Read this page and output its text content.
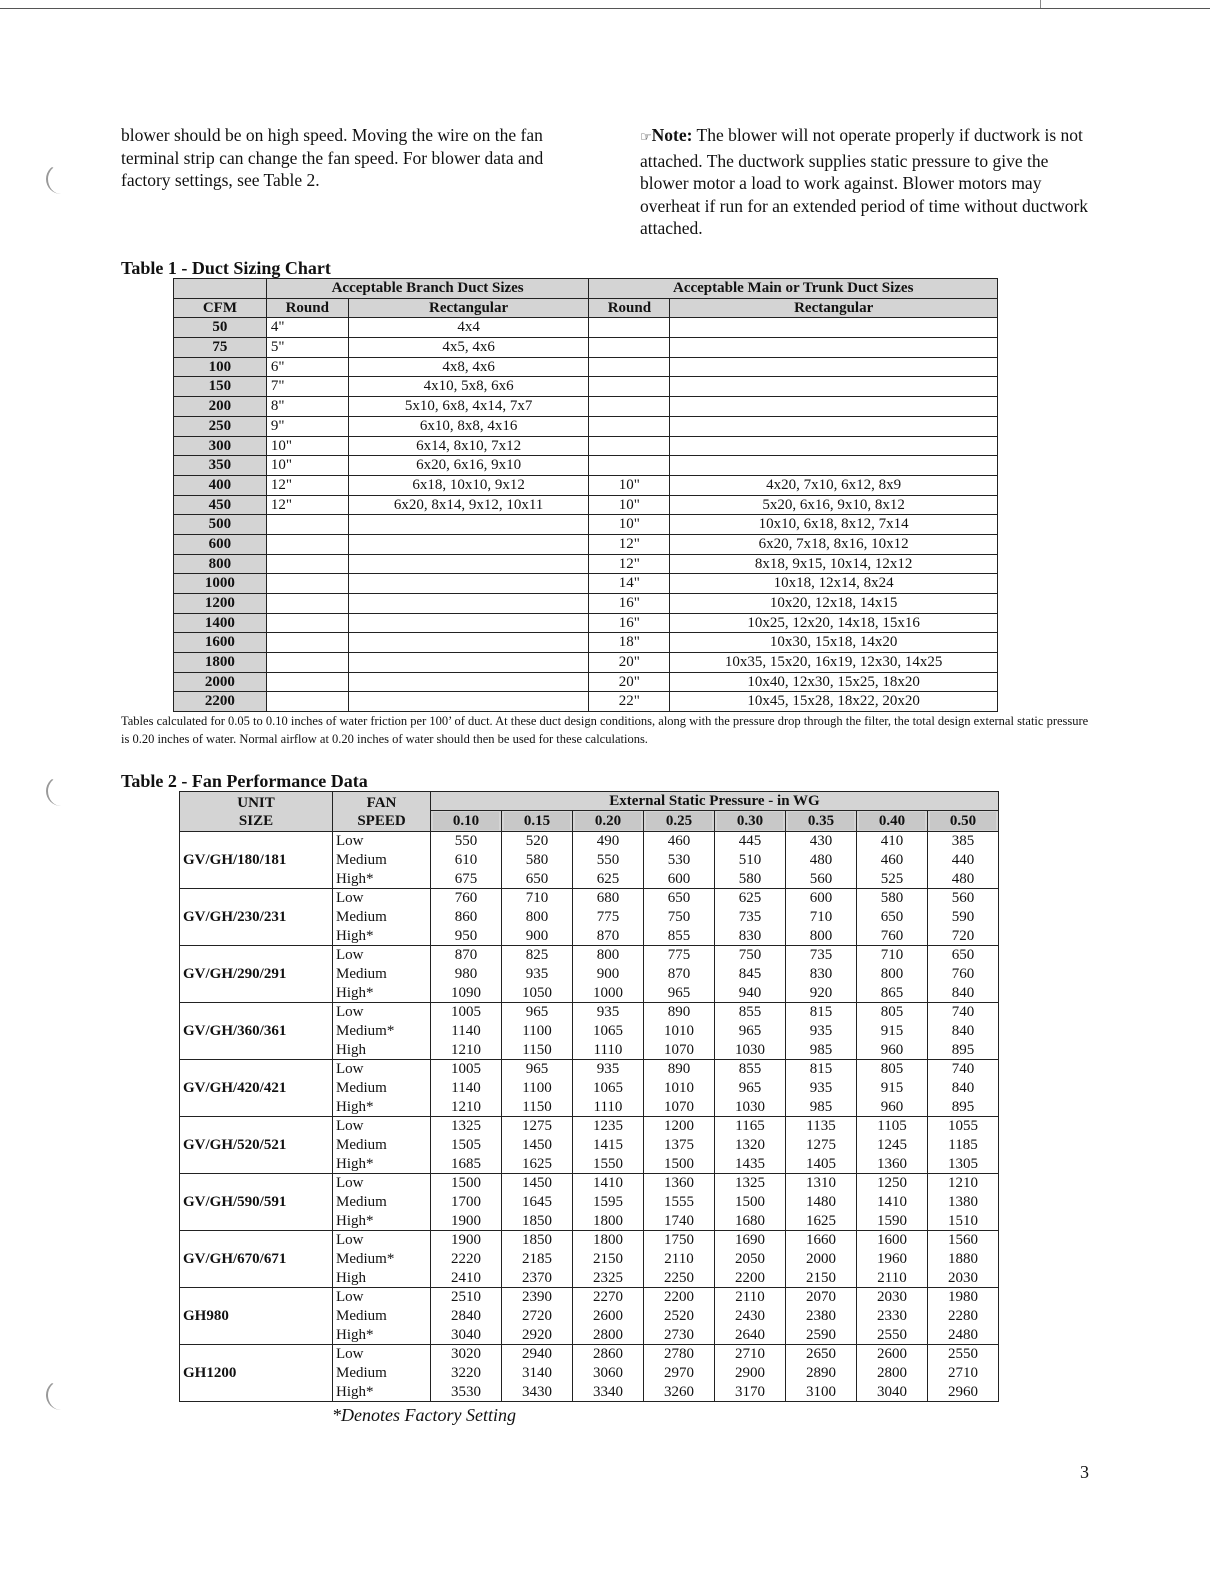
blower should be on high speed. Moving the wire on the fan terminal strip can change the fan speed. For blower data and factory settings, see Table 2.

☞Note: The blower will not operate properly if ductwork is not attached. The ductwork supplies static pressure to give the blower motor a load to work against. Blower motors may overheat if run for an extended period of time without ductwork attached.

Table 1 - Duct Sizing Chart
	Acceptable Branch Duct Sizes		Acceptable Main or Trunk Duct Sizes	
CFM	Round	Rectangular	Round	Rectangular
50	4"	4x4		
75	5"	4x5, 4x6		
100	6"	4x8, 4x6		
150	7"	4x10, 5x8, 6x6		
200	8"	5x10, 6x8, 4x14, 7x7		
250	9"	6x10, 8x8, 4x16		
300	10"	6x14, 8x10, 7x12		
350	10"	6x20, 6x16, 9x10		
400	12"	6x18, 10x10, 9x12	10"	4x20, 7x10, 6x12, 8x9
450	12"	6x20, 8x14, 9x12, 10x11	10"	5x20, 6x16, 9x10, 8x12
500			10"	10x10, 6x18, 8x12, 7x14
600			12"	6x20, 7x18, 8x16, 10x12
800			12"	8x18, 9x15, 10x14, 12x12
1000			14"	10x18, 12x14, 8x24
1200			16"	10x20, 12x18, 14x15
1400			16"	10x25, 12x20, 14x18, 15x16
1600			18"	10x30, 15x18, 14x20
1800			20"	10x35, 15x20, 16x19, 12x30, 14x25
2000			20"	10x40, 12x30, 15x25, 18x20
2200			22"	10x45, 15x28, 18x22, 20x20

Tables calculated for 0.05 to 0.10 inches of water friction per 100’ of duct. At these duct design conditions, along with the pressure drop through the filter, the total design external static pressure is 0.20 inches of water. Normal airflow at 0.20 inches of water should then be used for these calculations.

Table 2 - Fan Performance Data
UNIT
SIZE	FAN
SPEED	External Static Pressure - in WG							

		0.10	0.15	0.20	0.25	0.30	0.35	0.40	0.50

GV/GH/180/181	Low	550	520	490	460	445	430	410	385
	Medium	610	580	550	530	510	480	460	440
	High*	675	650	625	600	580	560	525	480
GV/GH/230/231	Low	760	710	680	650	625	600	580	560
	Medium	860	800	775	750	735	710	650	590
	High*	950	900	870	855	830	800	760	720
GV/GH/290/291	Low	870	825	800	775	750	735	710	650
	Medium	980	935	900	870	845	830	800	760
	High*	1090	1050	1000	965	940	920	865	840
GV/GH/360/361	Low	1005	965	935	890	855	815	805	740
	Medium*	1140	1100	1065	1010	965	935	915	840
	High	1210	1150	1110	1070	1030	985	960	895
GV/GH/420/421	Low	1005	965	935	890	855	815	805	740
	Medium	1140	1100	1065	1010	965	935	915	840
	High*	1210	1150	1110	1070	1030	985	960	895
GV/GH/520/521	Low	1325	1275	1235	1200	1165	1135	1105	1055
	Medium	1505	1450	1415	1375	1320	1275	1245	1185
	High*	1685	1625	1550	1500	1435	1405	1360	1305
GV/GH/590/591	Low	1500	1450	1410	1360	1325	1310	1250	1210
	Medium	1700	1645	1595	1555	1500	1480	1410	1380
	High*	1900	1850	1800	1740	1680	1625	1590	1510
GV/GH/670/671	Low	1900	1850	1800	1750	1690	1660	1600	1560
	Medium*	2220	2185	2150	2110	2050	2000	1960	1880
	High	2410	2370	2325	2250	2200	2150	2110	2030
GH980	Low	2510	2390	2270	2200	2110	2070	2030	1980
	Medium	2840	2720	2600	2520	2430	2380	2330	2280
	High*	3040	2920	2800	2730	2640	2590	2550	2480
GH1200	Low	3020	2940	2860	2780	2710	2650	2600	2550
	Medium	3220	3140	3060	2970	2900	2890	2800	2710
	High*	3530	3430	3340	3260	3170	3100	3040	2960
*Denotes Factory Setting
3
